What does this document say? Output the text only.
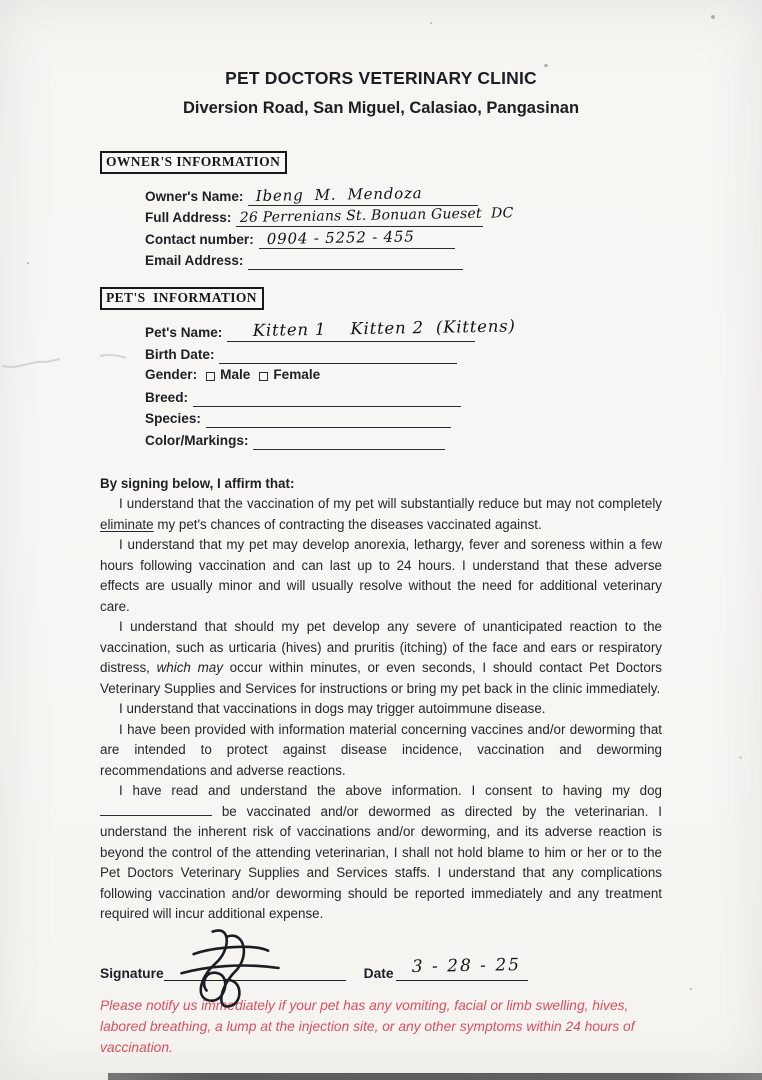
PET DOCTORS VETERINARY CLINIC

Diversion Road, San Miguel, Calasiao, Pangasinan

OWNER'S INFORMATION
Owner's Name: Ibeng  M.  Mendoza
Full Address: 26 Perrenians St. Bonuan Gueset  DC
Contact number: 0904 - 5252 - 455
Email Address:
PET'S  INFORMATION
Pet's Name: Kitten 1    Kitten 2  (Kittens)
Birth Date:
Gender: Male Female
Breed:
Species:
Color/Markings:

By signing below, I affirm that:

I understand that the vaccination of my pet will substantially reduce but may not completely eliminate my pet's chances of contracting the diseases vaccinated against.

I understand that my pet may develop anorexia, lethargy, fever and soreness within a few hours following vaccination and can last up to 24 hours. I understand that these adverse effects are usually minor and will usually resolve without the need for additional veterinary care.

I understand that should my pet develop any severe of unanticipated reaction to the vaccination, such as urticaria (hives) and pruritis (itching) of the face and ears or respiratory distress, which may occur within minutes, or even seconds, I should contact Pet Doctors Veterinary Supplies and Services for instructions or bring my pet back in the clinic immediately.

I understand that vaccinations in dogs may trigger autoimmune disease.

I have been provided with information material concerning vaccines and/or deworming that are intended to protect against disease incidence, vaccination and deworming recommendations and adverse reactions.

I have read and understand the above information. I consent to having my dog  be vaccinated and/or dewormed as directed by the veterinarian. I understand the inherent risk of vaccinations and/or deworming, and its adverse reaction is beyond the control of the attending veterinarian, I shall not hold blame to him or her or to the Pet Doctors Veterinary Supplies and Services staffs. I understand that any complications following vaccination and/or deworming should be reported immediately and any treatment required will incur additional expense.

Signature	Date 3 - 28 - 25

Please notify us immediately if your pet has any vomiting, facial or limb swelling, hives, labored breathing, a lump at the injection site, or any other symptoms within 24 hours of vaccination.
